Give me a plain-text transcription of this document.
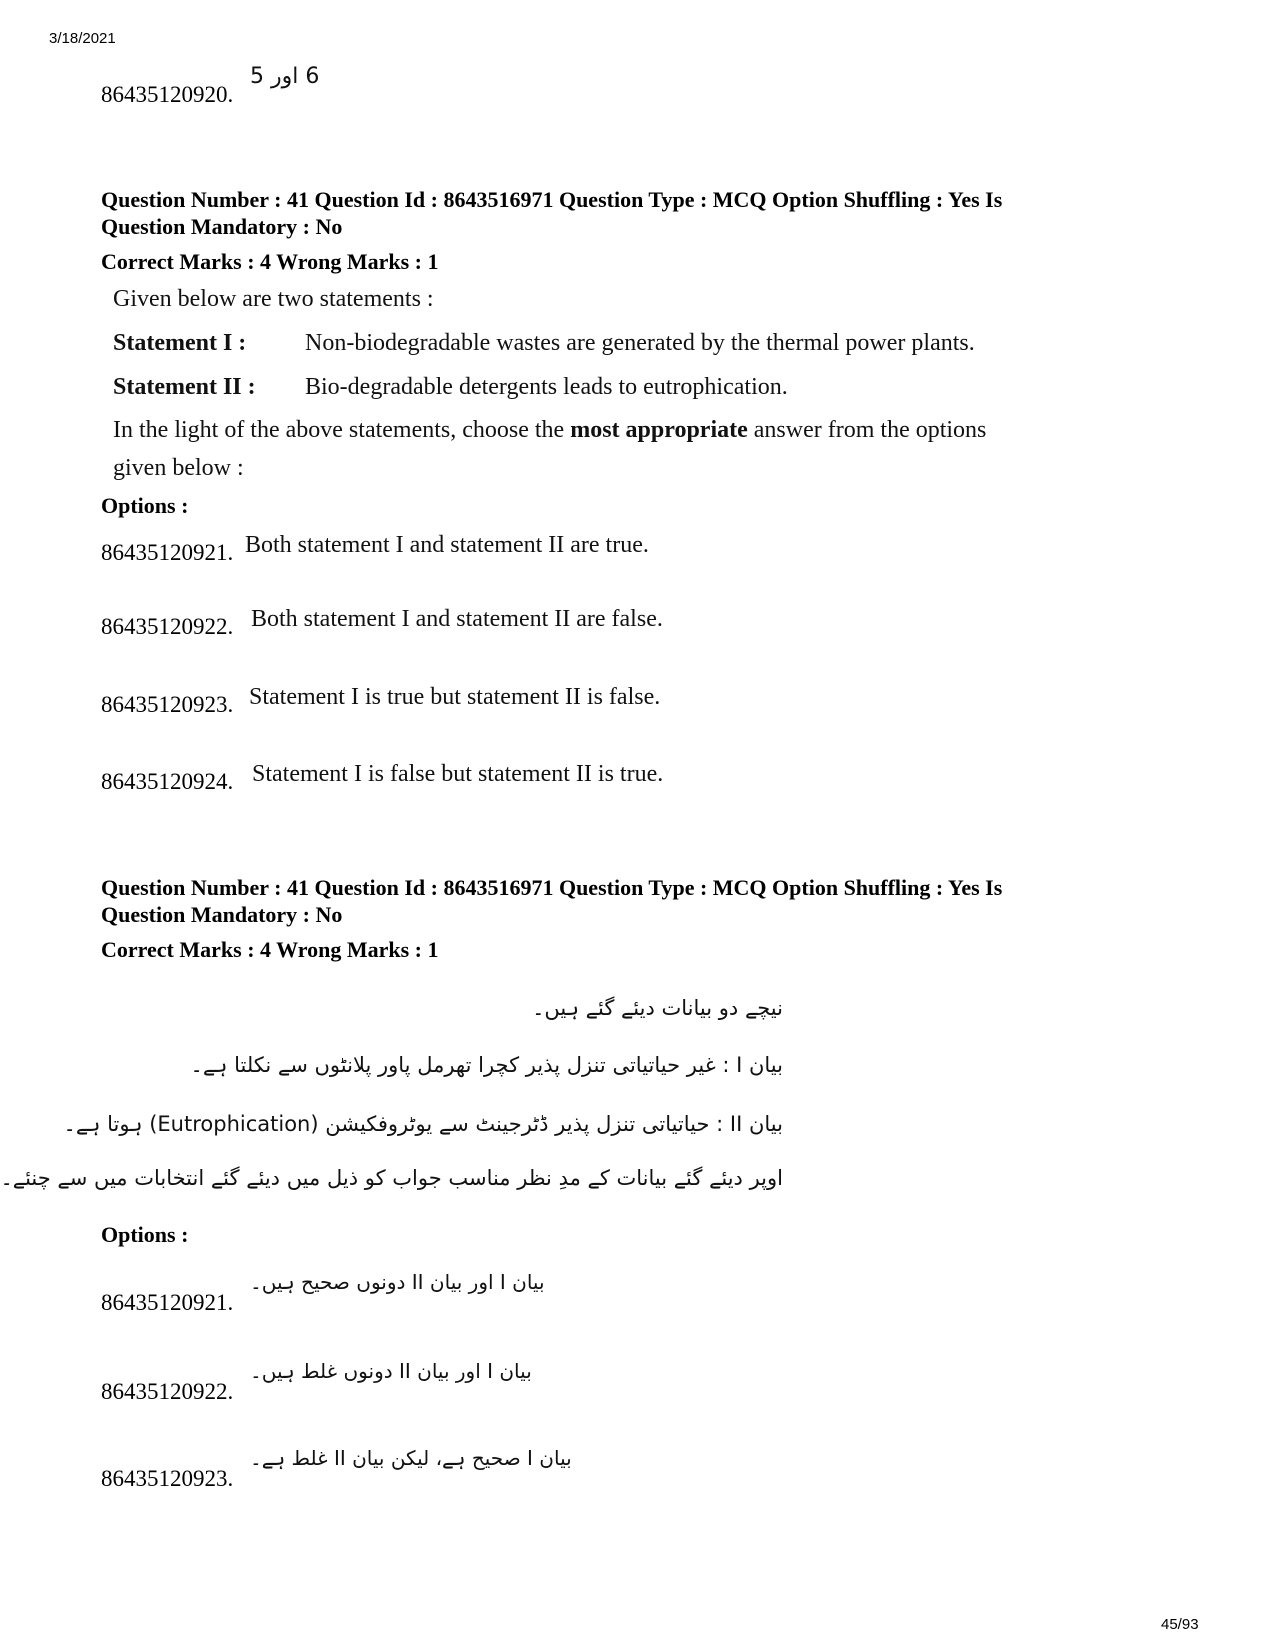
3/18/2021
86435120920.
6 اور 5
Question Number : 41 Question Id : 8643516971 Question Type : MCQ Option Shuffling : Yes Is
Question Mandatory : No
Correct Marks : 4 Wrong Marks : 1
Given below are two statements :
Statement I : Non-biodegradable wastes are generated by the thermal power plants.
Statement II : Bio-degradable detergents leads to eutrophication.
In the light of the above statements, choose the most appropriate answer from the options
given below :
Options :
86435120921. Both statement I and statement II are true.
86435120922. Both statement I and statement II are false.
86435120923. Statement I is true but statement II is false.
86435120924. Statement I is false but statement II is true.
Question Number : 41 Question Id : 8643516971 Question Type : MCQ Option Shuffling : Yes Is
Question Mandatory : No
Correct Marks : 4 Wrong Marks : 1
نیچے دو بیانات دیئے گئے ہیں۔
بیان I : غیر حیاتیاتی تنزل پذیر کچرا تھرمل پاور پلانٹوں سے نکلتا ہے۔
بیان II : حیاتیاتی تنزل پذیر ڈٹرجینٹ سے یوٹروفکیشن (Eutrophication) ہوتا ہے۔
اوپر دیئے گئے بیانات کے مدِ نظر مناسب جواب کو ذیل میں دیئے گئے انتخابات میں سے چنئے۔
Options :
86435120921.
بیان I اور بیان II دونوں صحیح ہیں۔
86435120922.
بیان I اور بیان II دونوں غلط ہیں۔
86435120923.
بیان I صحیح ہے، لیکن بیان II غلط ہے۔
45/93
